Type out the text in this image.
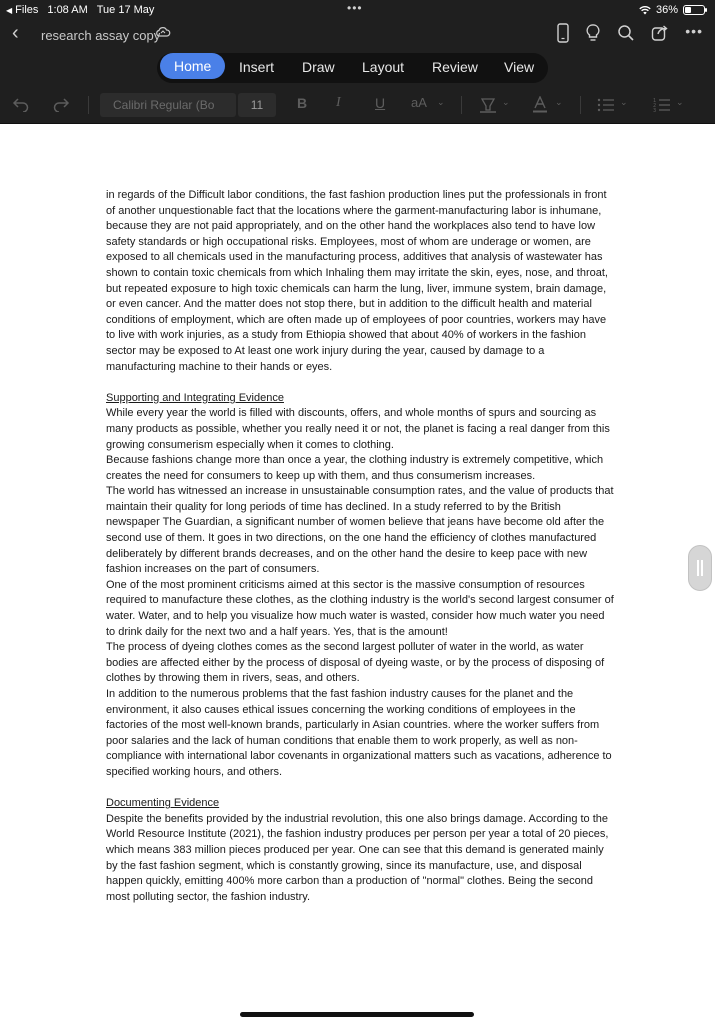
◀ Files 1:08 AM Tue 17 May	•••	36%
‹ research assay copy	•••
Home	Insert Draw Layout Review View
Calibri Regular (Bo	11	B I U aA ⌄	⌄	⌄	⌄	1
2
3
⌄

in regards of the Difficult labor conditions, the fast fashion production lines put the professionals in front of another unquestionable fact that the locations where the garment-manufacturing labor is inhumane, because they are not paid appropriately, and on the other hand the workplaces also tend to have low safety standards or high occupational risks. Employees, most of whom are underage or women, are exposed to all chemicals used in the manufacturing process, additives that analysis of wastewater has shown to contain toxic chemicals from which Inhaling them may irritate the skin, eyes, nose, and throat, but repeated exposure to high toxic chemicals can harm the lung, liver, immune system, brain damage, or even cancer. And the matter does not stop there, but in addition to the difficult health and material conditions of employment, which are often made up of employees of poor countries, workers may have to live with work injuries, as a study from Ethiopia showed that about 40% of workers in the fashion sector may be exposed to At least one work injury during the year, caused by damage to a manufacturing machine to their hands or eyes.

Supporting and Integrating Evidence

While every year the world is filled with discounts, offers, and whole months of spurs and sourcing as many products as possible, whether you really need it or not, the planet is facing a real danger from this growing consumerism especially when it comes to clothing.

Because fashions change more than once a year, the clothing industry is extremely competitive, which creates the need for consumers to keep up with them, and thus consumerism increases.

The world has witnessed an increase in unsustainable consumption rates, and the value of products that maintain their quality for long periods of time has declined. In a study referred to by the British newspaper The Guardian, a significant number of women believe that jeans have become old after the second use of them. It goes in two directions, on the one hand the efficiency of clothes manufactured deliberately by different brands decreases, and on the other hand the desire to keep pace with new fashion increases on the part of consumers.

One of the most prominent criticisms aimed at this sector is the massive consumption of resources required to manufacture these clothes, as the clothing industry is the world's second largest consumer of water. Water, and to help you visualize how much water is wasted, consider how much water you need to drink daily for the next two and a half years. Yes, that is the amount!

The process of dyeing clothes comes as the second largest polluter of water in the world, as water bodies are affected either by the process of disposal of dyeing waste, or by the process of disposing of clothes by throwing them in rivers, seas, and others.

In addition to the numerous problems that the fast fashion industry causes for the planet and the environment, it also causes ethical issues concerning the working conditions of employees in the factories of the most well-known brands, particularly in Asian countries. where the worker suffers from poor salaries and the lack of human conditions that enable them to work properly, as well as non-compliance with international labor covenants in organizational matters such as vacations, adherence to specified working hours, and others.

Documenting Evidence

Despite the benefits provided by the industrial revolution, this one also brings damage. According to the World Resource Institute (2021), the fashion industry produces per person per year a total of 20 pieces, which means 383 million pieces produced per year. One can see that this demand is generated mainly by the fast fashion segment, which is constantly growing, since its manufacture, use, and disposal happen quickly, emitting 400% more carbon than a production of "normal" clothes. Being the second most polluting sector, the fashion industry.
